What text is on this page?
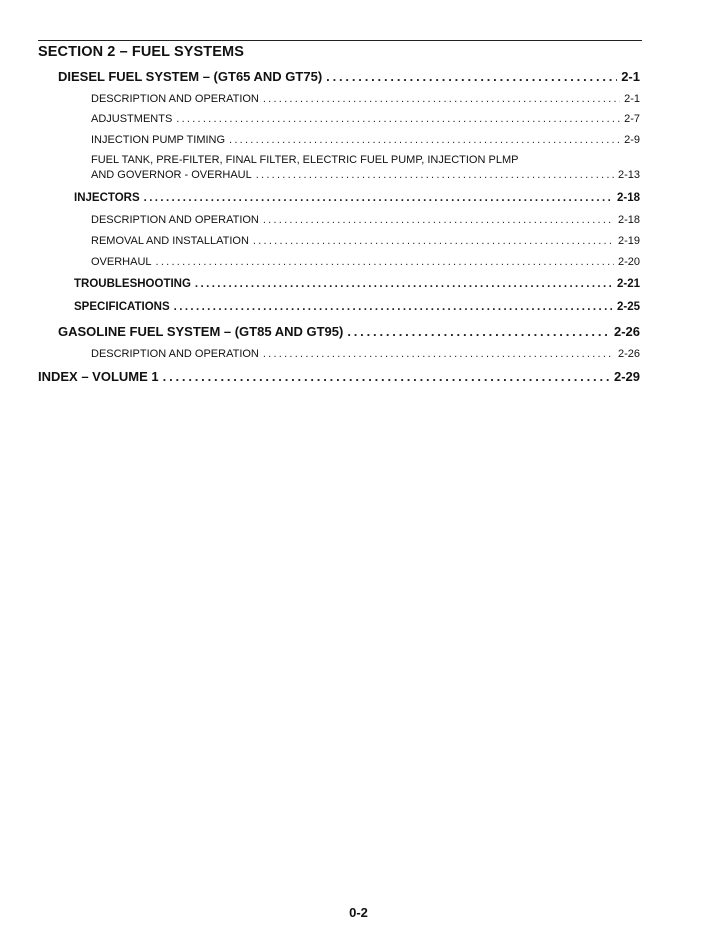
SECTION 2 – FUEL SYSTEMS
DIESEL FUEL SYSTEM – (GT65 AND GT75) . . .	2-1
DESCRIPTION AND OPERATION . . .	2-1
ADJUSTMENTS . . .	2-7
INJECTION PUMP TIMING . . .	2-9
FUEL TANK, PRE-FILTER, FINAL FILTER, ELECTRIC FUEL PUMP, INJECTION PLMP
AND GOVERNOR - OVERHAUL . . .	2-13
INJECTORS . . .	2-18
DESCRIPTION AND OPERATION . . .	2-18
REMOVAL AND INSTALLATION . . .	2-19
OVERHAUL . . .	2-20
TROUBLESHOOTING . . .	2-21
SPECIFICATIONS . . .	2-25
GASOLINE FUEL SYSTEM – (GT85 AND GT95) . . .	2-26
DESCRIPTION AND OPERATION . . .	2-26
INDEX – VOLUME 1 . . .	2-29
0-2
